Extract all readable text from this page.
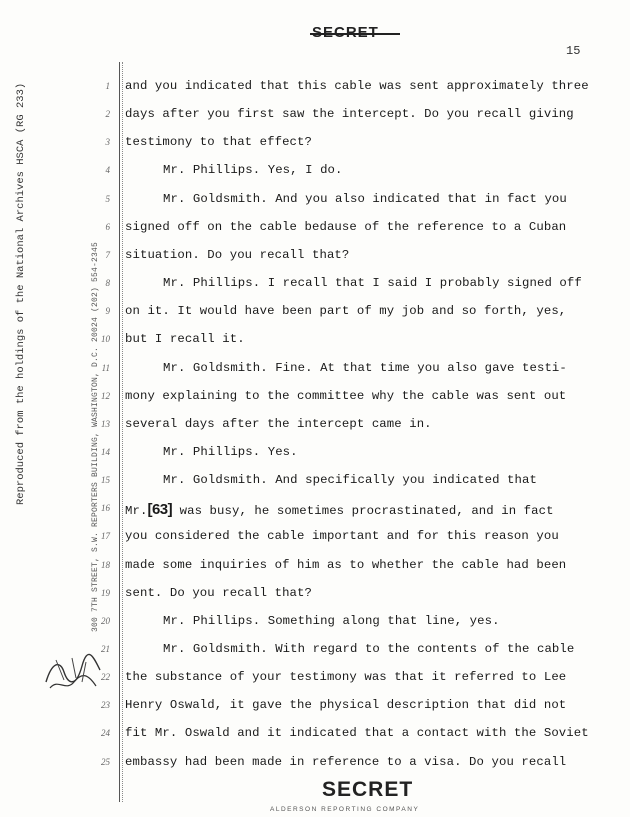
SECRET
15
Reproduced from the holdings of the National Archives HSCA (RG 233)	300 7TH STREET, S.W. REPORTERS BUILDING, WASHINGTON, D.C. 20024 (202) 554-2345
1 and you indicated that this cable was sent approximately three
2 days after you first saw the intercept. Do you recall giving
3 testimony to that effect?
4	Mr. Phillips. Yes, I do.
5	Mr. Goldsmith. And you also indicated that in fact you
6 signed off on the cable bedause of the reference to a Cuban
7 situation. Do you recall that?
8	Mr. Phillips. I recall that I said I probably signed off
9 on it. It would have been part of my job and so forth, yes,
10 but I recall it.
11	Mr. Goldsmith. Fine. At that time you also gave testi-
12 mony explaining to the committee why the cable was sent out
13 several days after the intercept came in.
14	Mr. Phillips. Yes.
15	Mr. Goldsmith. And specifically you indicated that
16 Mr.[63] was busy, he sometimes procrastinated, and in fact
17 you considered the cable important and for this reason you
18 made some inquiries of him as to whether the cable had been
19 sent. Do you recall that?
20	Mr. Phillips. Something along that line, yes.
21	Mr. Goldsmith. With regard to the contents of the cable
22 the substance of your testimony was that it referred to Lee
23 Henry Oswald, it gave the physical description that did not
24 fit Mr. Oswald and it indicated that a contact with the Soviet
25 embassy had been made in reference to a visa. Do you recall
SECRET
ALDERSON REPORTING COMPANY
